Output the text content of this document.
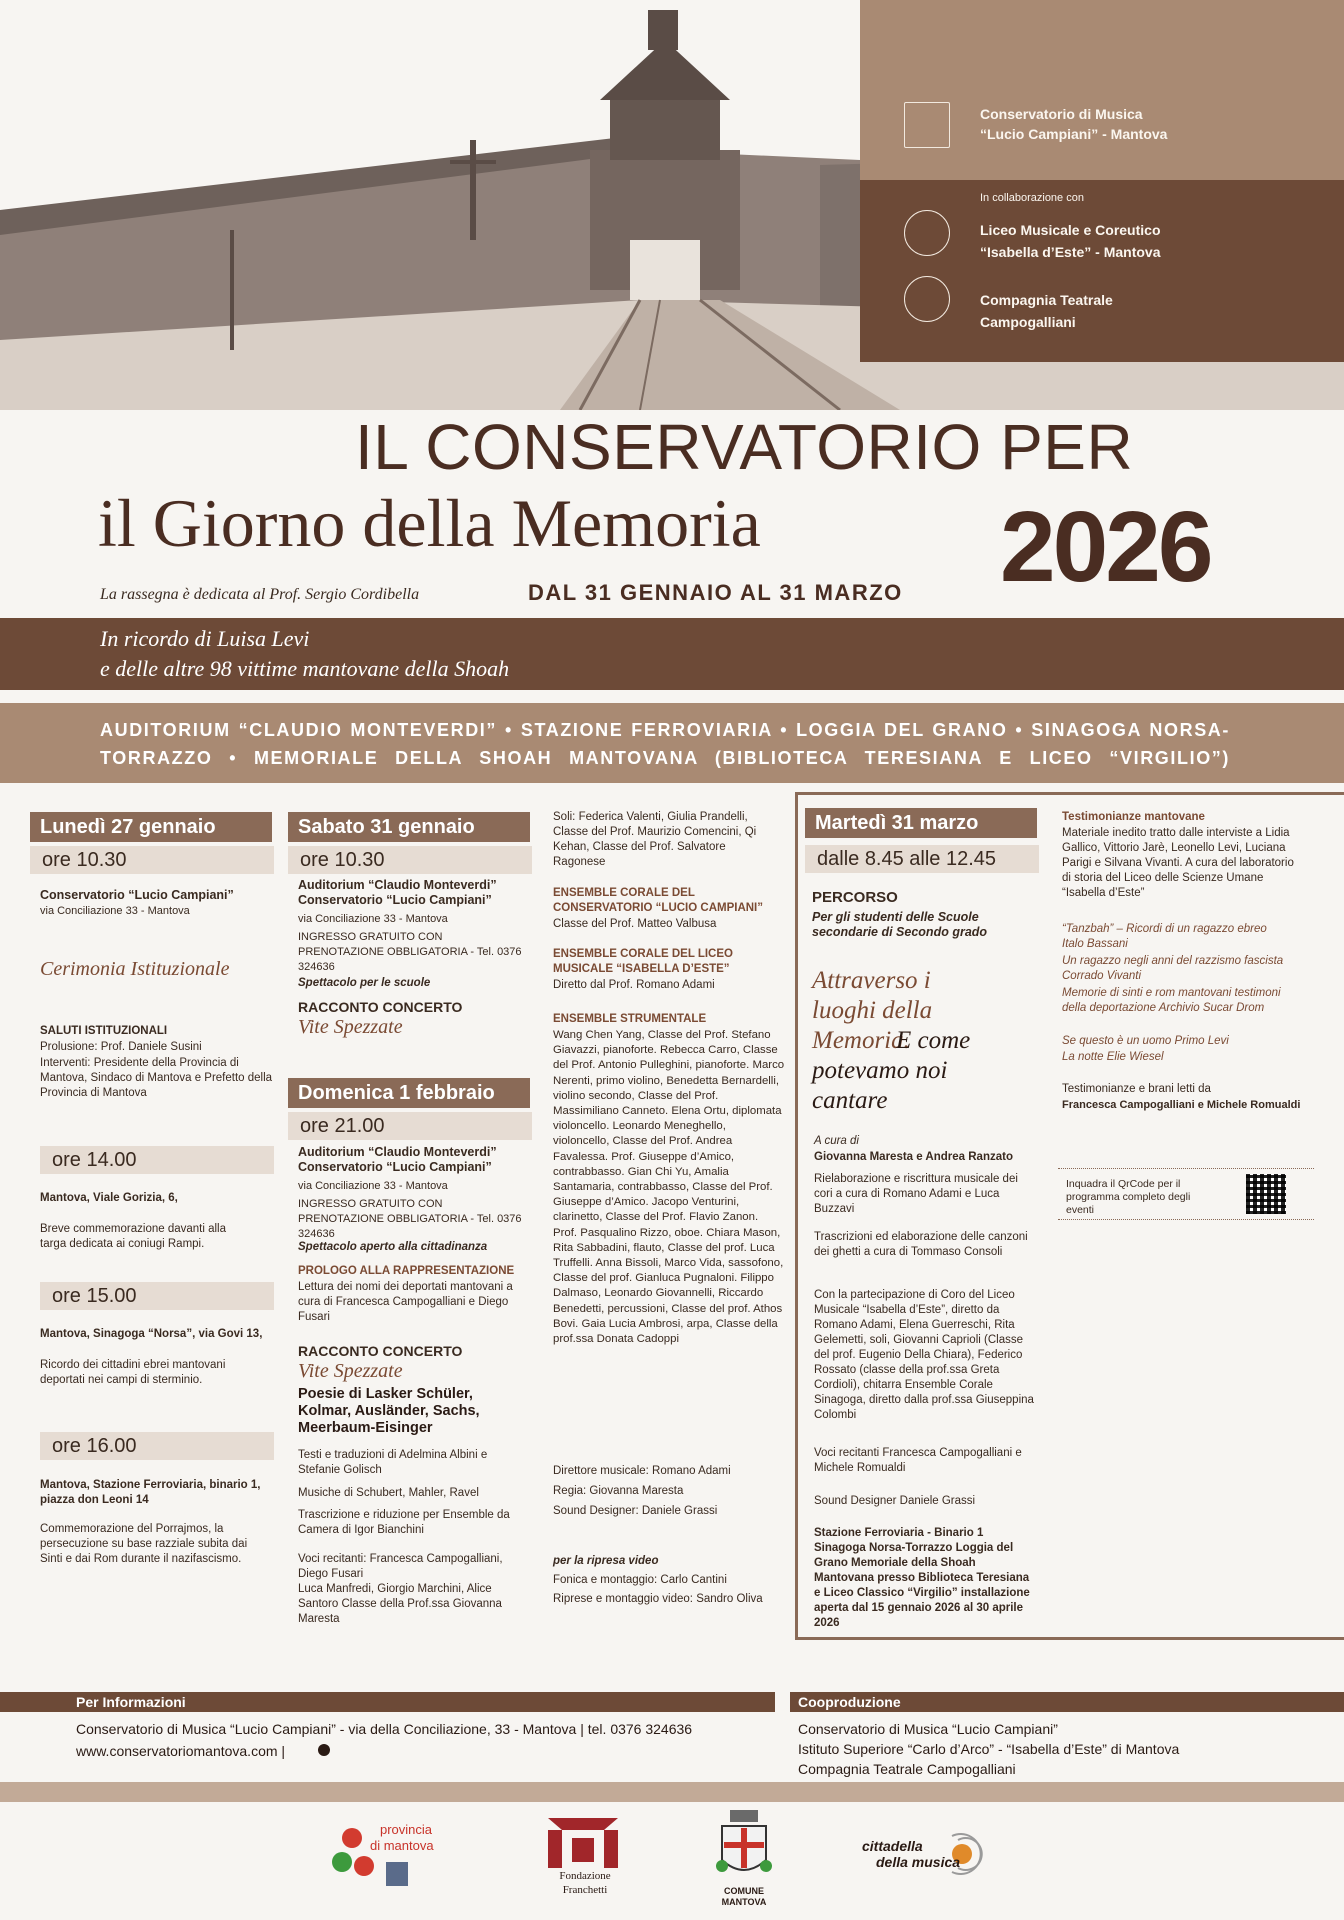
Conservatorio di Musica
“Lucio Campiani” - Mantova
In collaborazione con
Liceo Musicale e Coreutico
“Isabella d’Este” - Mantova
Compagnia Teatrale
Campogalliani
IL CONSERVATORIO PER
il Giorno della Memoria 2026
La rassegna è dedicata al Prof. Sergio Cordibella	DAL 31 GENNAIO AL 31 MARZO
In ricordo di Luisa Levi
e delle altre 98 vittime mantovane della Shoah
AUDITORIUM “CLAUDIO MONTEVERDI” • STAZIONE FERROVIARIA • LOGGIA DEL GRANO • SINAGOGA NORSA-TORRAZZO • MEMORIALE DELLA SHOAH MANTOVANA (BIBLIOTECA TERESIANA E LICEO “VIRGILIO”)
Lunedì 27 gennaio
ore 10.30
Conservatorio “Lucio Campiani”
via Conciliazione 33 - Mantova
Cerimonia Istituzionale
SALUTI ISTITUZIONALI
Prolusione: Prof. Daniele Susini
Interventi: Presidente della Provincia di Mantova, Sindaco di Mantova e Prefetto della Provincia di Mantova
ore 14.00
Mantova, Viale Gorizia, 6,
Breve commemorazione davanti alla targa dedicata ai coniugi Rampi.
ore 15.00
Mantova, Sinagoga “Norsa”, via Govi 13,
Ricordo dei cittadini ebrei mantovani deportati nei campi di sterminio.
ore 16.00
Mantova, Stazione Ferroviaria, binario 1, piazza don Leoni 14
Commemorazione del Porrajmos, la persecuzione su base razziale subita dai Sinti e dai Rom durante il nazifascismo.
Sabato 31 gennaio
ore 10.30
Auditorium “Claudio Monteverdi” Conservatorio “Lucio Campiani”
via Conciliazione 33 - Mantova
INGRESSO GRATUITO CON PRENOTAZIONE OBBLIGATORIA - Tel. 0376 324636
Spettacolo per le scuole
RACCONTO CONCERTO
Vite Spezzate
Domenica 1 febbraio
ore 21.00
Auditorium “Claudio Monteverdi” Conservatorio “Lucio Campiani”
via Conciliazione 33 - Mantova
INGRESSO GRATUITO CON PRENOTAZIONE OBBLIGATORIA - Tel. 0376 324636
Spettacolo aperto alla cittadinanza
PROLOGO ALLA RAPPRESENTAZIONE
Lettura dei nomi dei deportati mantovani a cura di Francesca Campogalliani e Diego Fusari
RACCONTO CONCERTO
Vite Spezzate
Poesie di Lasker Schüler, Kolmar, Ausländer, Sachs, Meerbaum-Eisinger
Testi e traduzioni di Adelmina Albini e Stefanie Golisch
Musiche di Schubert, Mahler, Ravel
Trascrizione e riduzione per Ensemble da Camera di Igor Bianchini
Voci recitanti: Francesca Campogalliani, Diego Fusari
Luca Manfredi, Giorgio Marchini, Alice Santoro Classe della Prof.ssa Giovanna Maresta
Soli: Federica Valenti, Giulia Prandelli, Classe del Prof. Maurizio Comencini, Qi Kehan, Classe del Prof. Salvatore Ragonese
ENSEMBLE CORALE DEL CONSERVATORIO “LUCIO CAMPIANI”
Classe del Prof. Matteo Valbusa
ENSEMBLE CORALE DEL LICEO MUSICALE “ISABELLA D’ESTE”
Diretto dal Prof. Romano Adami
ENSEMBLE STRUMENTALE
Wang Chen Yang, Classe del Prof. Stefano Giavazzi, pianoforte. Rebecca Carro, Classe del Prof. Antonio Pulleghini, pianoforte. Marco Nerenti, primo violino, Benedetta Bernardelli, violino secondo, Classe del Prof. Massimiliano Canneto. Elena Ortu, diplomata violoncello. Leonardo Meneghello, violoncello, Classe del Prof. Andrea Favalessa. Prof. Giuseppe d’Amico, contrabbasso. Gian Chi Yu, Amalia Santamaria, contrabbasso, Classe del Prof. Giuseppe d’Amico. Jacopo Venturini, clarinetto, Classe del Prof. Flavio Zanon. Prof. Pasqualino Rizzo, oboe. Chiara Mason, Rita Sabbadini, flauto, Classe del prof. Luca Truffelli. Anna Bissoli, Marco Vida, sassofono, Classe del prof. Gianluca Pugnaloni. Filippo Dalmaso, Leonardo Giovannelli, Riccardo Benedetti, percussioni, Classe del prof. Athos Bovi. Gaia Lucia Ambrosi, arpa, Classe della prof.ssa Donata Cadoppi
Direttore musicale: Romano Adami
Regia: Giovanna Maresta
Sound Designer: Daniele Grassi
per la ripresa video
Fonica e montaggio: Carlo Cantini
Riprese e montaggio video: Sandro Oliva
Martedì 31 marzo
dalle 8.45 alle 12.45
PERCORSO
Per gli studenti delle Scuole secondarie di Secondo grado
Attraverso i luoghi della Memoria.
E come potevamo noi cantare
A cura di
Giovanna Maresta e Andrea Ranzato
Rielaborazione e riscrittura musicale dei cori a cura di Romano Adami e Luca Buzzavi
Trascrizioni ed elaborazione delle canzoni dei ghetti a cura di Tommaso Consoli
Con la partecipazione di Coro del Liceo Musicale “Isabella d’Este”, diretto da Romano Adami, Elena Guerreschi, Rita Gelemetti, soli, Giovanni Caprioli (Classe del prof. Eugenio Della Chiara), Federico Rossato (classe della prof.ssa Greta Cordioli), chitarra Ensemble Corale Sinagoga, diretto dalla prof.ssa Giuseppina Colombi
Voci recitanti Francesca Campogalliani e Michele Romualdi
Sound Designer Daniele Grassi
Stazione Ferroviaria - Binario 1 Sinagoga Norsa-Torrazzo Loggia del Grano Memoriale della Shoah Mantovana presso Biblioteca Teresiana e Liceo Classico “Virgilio” installazione aperta dal 15 gennaio 2026 al 30 aprile 2026
Testimonianze mantovane
Materiale inedito tratto dalle interviste a Lidia Gallico, Vittorio Jarè, Leonello Levi, Luciana Parigi e Silvana Vivanti. A cura del laboratorio di storia del Liceo delle Scienze Umane “Isabella d’Este”
“Tanzbah” – Ricordi di un ragazzo ebreo Italo Bassani
Un ragazzo negli anni del razzismo fascista Corrado Vivanti
Memorie di sinti e rom mantovani testimoni della deportazione Archivio Sucar Drom
Se questo è un uomo Primo Levi
La notte Elie Wiesel
Testimonianze e brani letti da
Francesca Campogalliani e Michele Romualdi
Inquadra il QrCode per il programma completo degli eventi
Per Informazioni	Cooproduzione
Conservatorio di Musica “Lucio Campiani” - via della Conciliazione, 33 - Mantova | tel. 0376 324636
www.conservatoriomantova.com |
Conservatorio di Musica “Lucio Campiani”
Istituto Superiore “Carlo d’Arco” - “Isabella d’Este” di Mantova
Compagnia Teatrale Campogalliani
provincia
di mantova
Fondazione
Franchetti	COMUNE
MANTOVA
cittadella
della musica
